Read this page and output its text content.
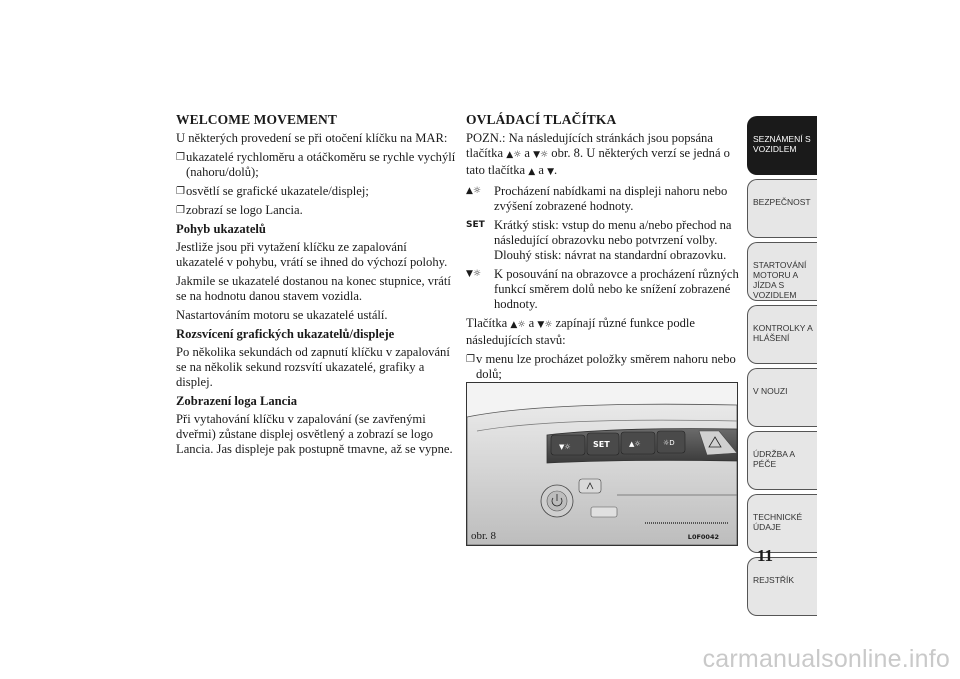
WELCOME MOVEMENT

U některých provedení se při otočení klíčku na MAR:

❐ ukazatelé rychloměru a otáčkoměru se rychle vychýlí (nahoru/dolů);
❐ osvětlí se grafické ukazatele/displej;
❐ zobrazí se logo Lancia.

Pohyb ukazatelů

Jestliže jsou při vytažení klíčku ze zapalování ukazatelé v pohybu, vrátí se ihned do výchozí polohy.

Jakmile se ukazatelé dostanou na konec stupnice, vrátí se na hodnotu danou stavem vozidla.

Nastartováním motoru se ukazatelé ustálí.

Rozsvícení grafických ukazatelů/displeje

Po několika sekundách od zapnutí klíčku v zapalování se na několik sekund rozsvítí ukazatelé, grafiky a displej.

Zobrazení loga Lancia

Při vytahování klíčku v zapalování (se zavřenými dveřmi) zůstane displej osvětlený a zobrazí se logo Lancia. Jas displeje pak postupně tmavne, až se vypne.

OVLÁDACÍ TLAČÍTKA

POZN.: Na následujících stránkách jsou popsána tlačítka ▲☼ a ▼☼ obr. 8. U některých verzí se jedná o tato tlačítka ▲ a ▼.

▲☼ Procházení nabídkami na displeji nahoru nebo zvýšení zobrazené hodnoty.
SET Krátký stisk: vstup do menu a/nebo přechod na následující obrazovku nebo potvrzení volby. Dlouhý stisk: návrat na standardní obrazovku.
▼☼ K posouvání na obrazovce a procházení různých funkcí směrem dolů nebo ke snížení zobrazené hodnoty.

Tlačítka ▲☼ a ▼☼ zapínají různé funkce podle následujících stavů:

❐ v menu lze procházet položky směrem nahoru nebo dolů;
▼☼	SET	▲☼	☼D
obr. 8	L0F0042
SEZNÁMENÍ S VOZIDLEM
BEZPEČNOST
STARTOVÁNÍ MOTORU A JÍZDA S VOZIDLEM
KONTROLKY A HLÁŠENÍ
V NOUZI
ÚDRŽBA A PÉČE
TECHNICKÉ ÚDAJE
REJSTŘÍK
11
carmanualsonline.info
